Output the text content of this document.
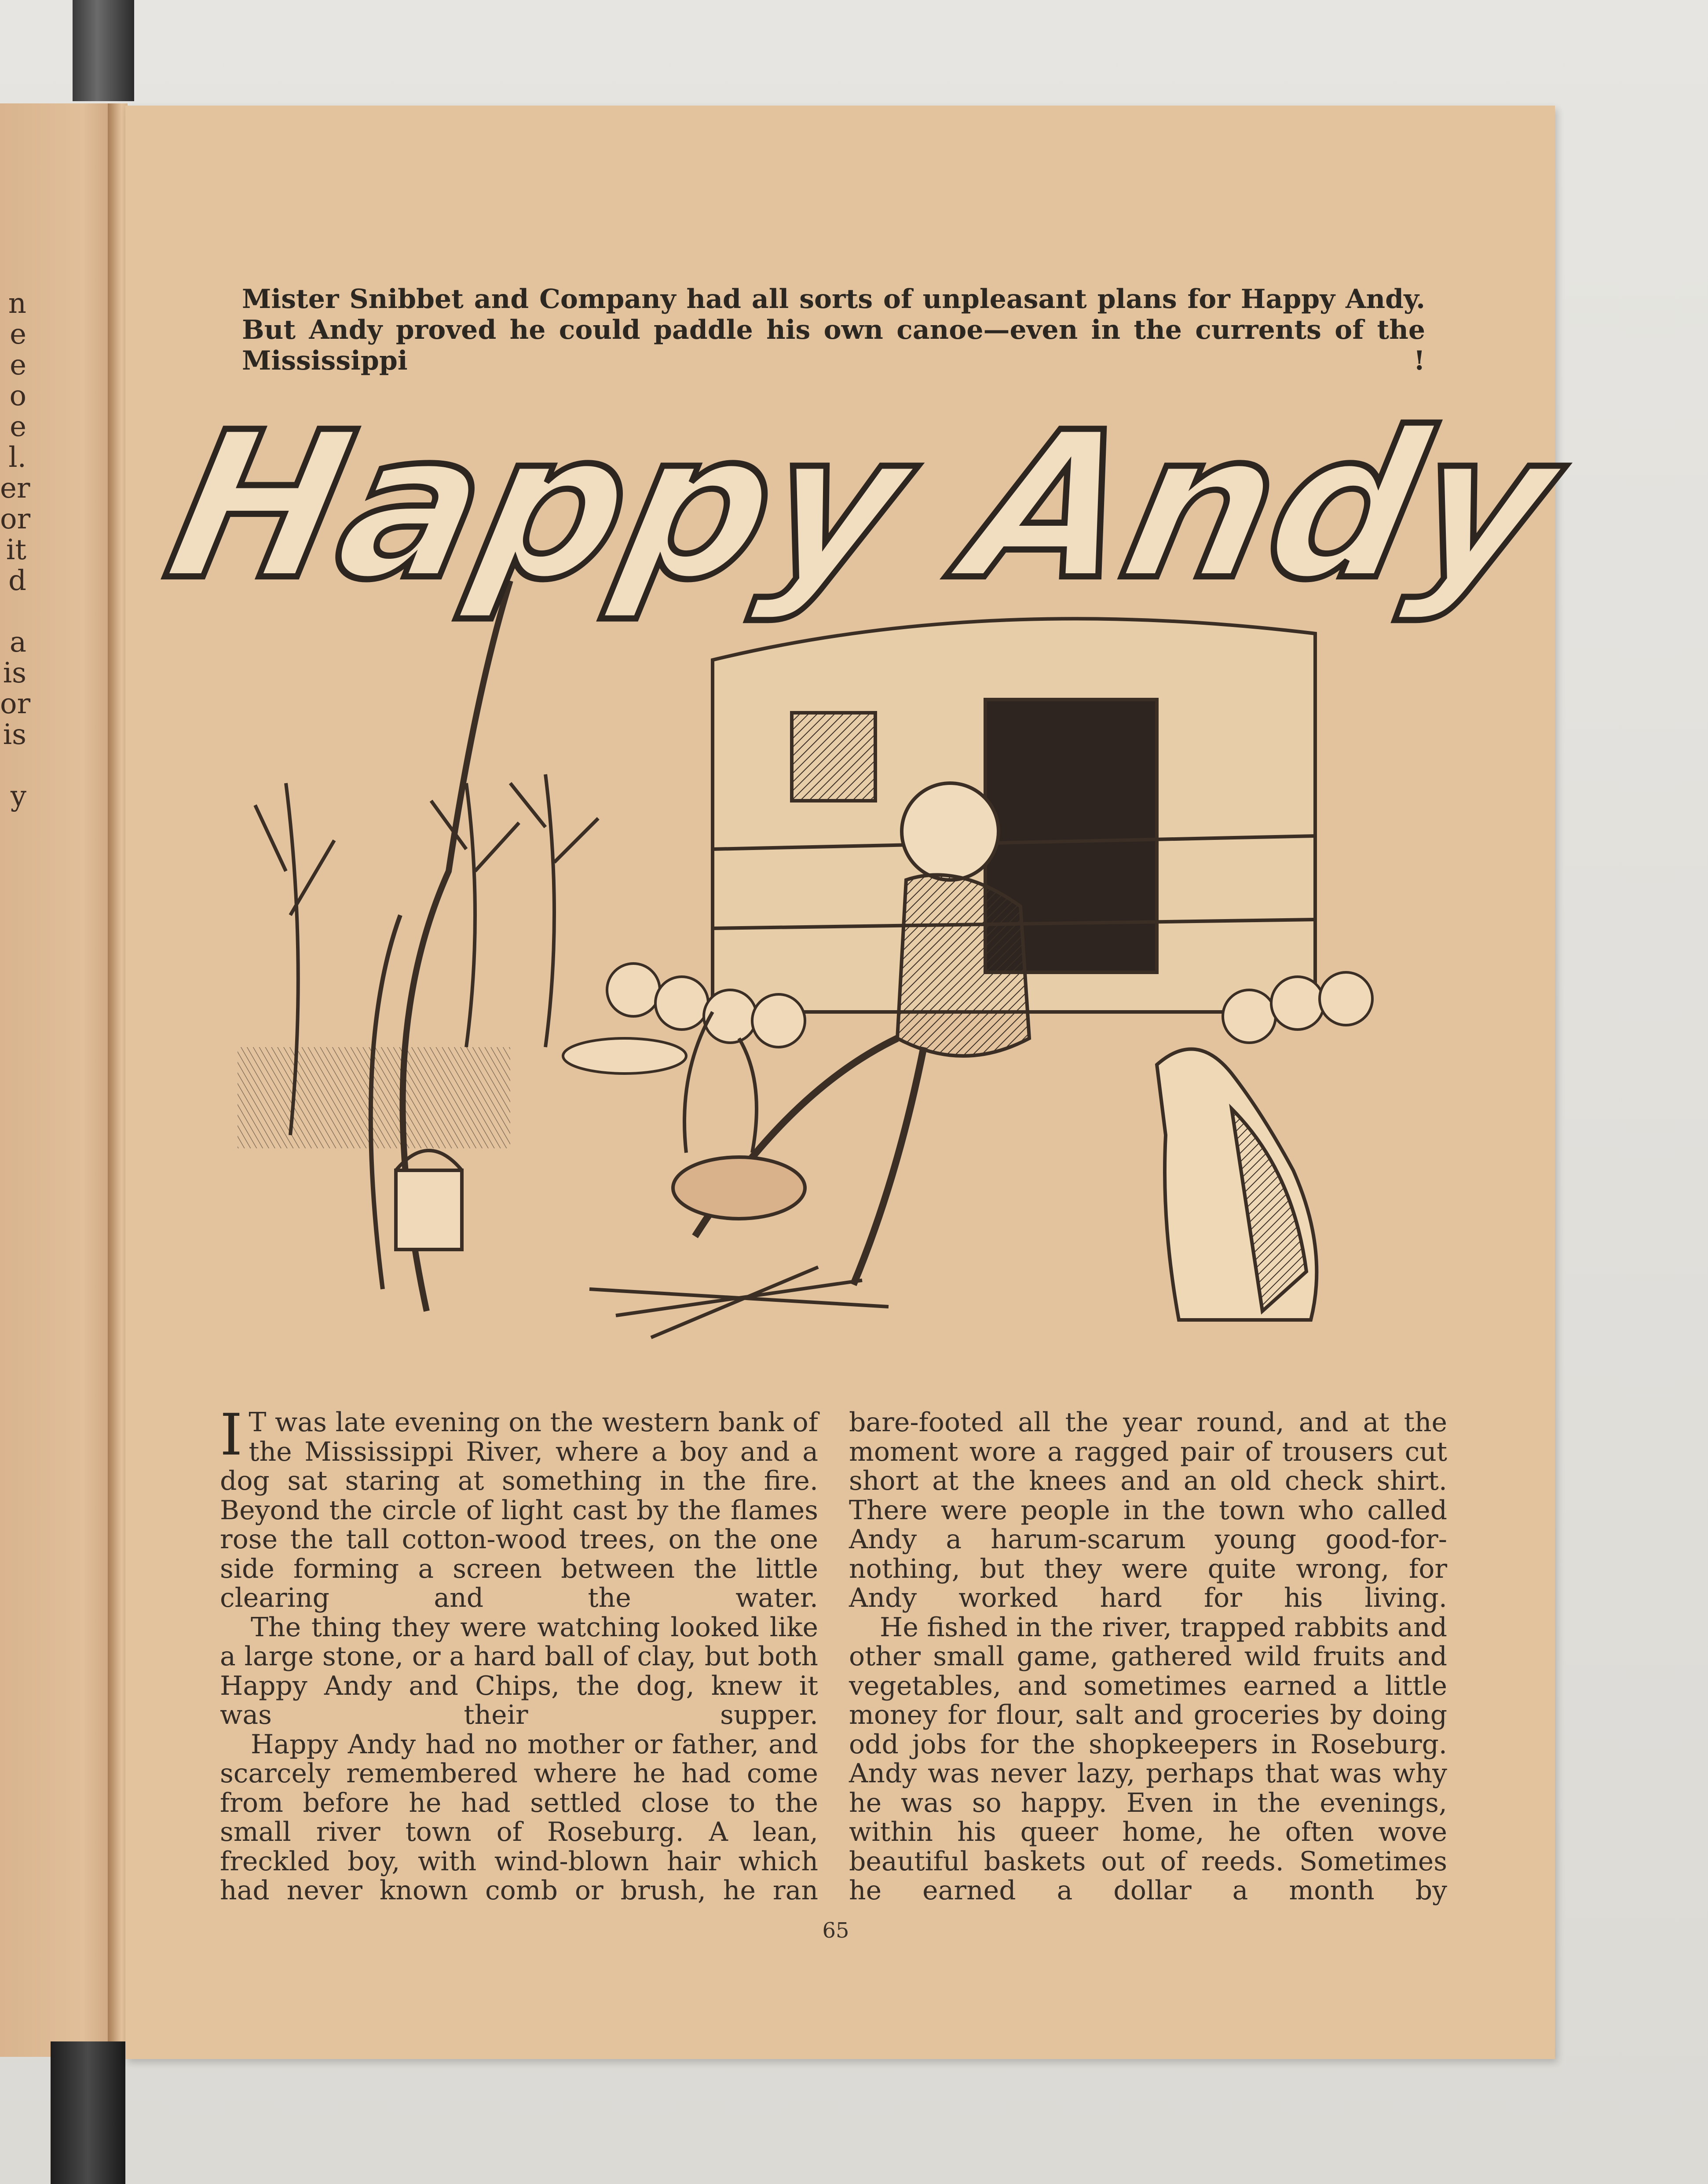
n
e
e
o
e
l.
er
or
it
d

a
is
or
is

y
Mister Snibbet and Company had all sorts of unpleasant plans for Happy Andy. But Andy proved he could paddle his own canoe—even in the currents of the Mississippi !
Happy Andy

I T was late evening on the western bank of the Mississippi River, where a boy and a dog sat staring at something in the fire. Beyond the circle of light cast by the flames rose the tall cotton-wood trees, on the one side forming a screen between the little clearing and the water.

The thing they were watching looked like a large stone, or a hard ball of clay, but both Happy Andy and Chips, the dog, knew it was their supper.

Happy Andy had no mother or father, and scarcely remembered where he had come from before he had settled close to the small river town of Roseburg. A lean, freckled boy, with wind-blown hair which had never known comb or brush, he ran

bare-footed all the year round, and at the moment wore a ragged pair of trousers cut short at the knees and an old check shirt. There were people in the town who called Andy a harum-scarum young good-for-nothing, but they were quite wrong, for Andy worked hard for his living.

He fished in the river, trapped rabbits and other small game, gathered wild fruits and vegetables, and sometimes earned a little money for flour, salt and groceries by doing odd jobs for the shopkeepers in Roseburg. Andy was never lazy, perhaps that was why he was so happy. Even in the evenings, within his queer home, he often wove beautiful baskets out of reeds. Sometimes he earned a dollar a month by

65
